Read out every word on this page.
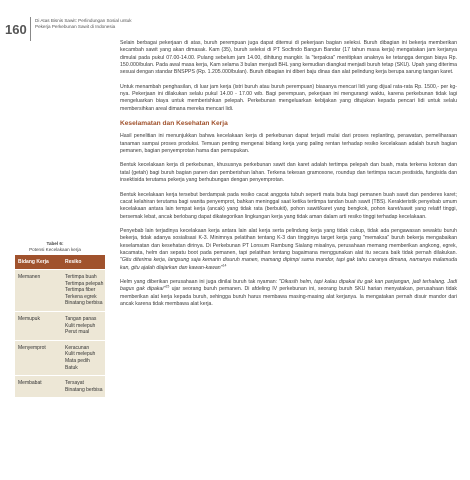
160
Di Atas Bisnis Sawit: Perlindungan Sosial untuk
Pekerja Perkebunan Sawit di Indonesia

Selain berbagai pekerjaan di atas, buruh perempuan juga dapat ditemui di pekerjaan bagian seleksi. Buruh dibagian ini bekerja memberikan kecambah sawit yang akan dimasak. Kam (35), buruh seleksi di PT Socfindo Bangun Bandar (17 tahun masa kerja) mengatakan jam kerjanya dimulai pada pukul 07.00-14.00. Pulang sebelum jam 14.00, dihitung mangkir. Ia "terpaksa" menitipkan anaknya ke tetangga dengan biaya Rp. 150.000/bulan. Pada awal masa kerja, Kam selama 3 bulan menjadi BHL yang kemudian diangkat menjadi buruh tetap (SKU). Upah yang diterima sesuai dengan standar BNSPPS (Rp. 1.205.000/bulan). Buruh dibagian ini diberi baju dinas dan alat pelindung kerja berupa sarung tangan karet.

Untuk menambah penghasilan, di luar jam kerja (istri buruh atau buruh perempuan) biasanya mencari lidi yang dijual rata-rata Rp. 1500,- per kg-nya. Pekerjaan ini dilakukan selalu pukul 14.00 - 17.00 wib. Bagi perempuan, pekerjaan ini mengurangi waktu, karena perkebunan tidak lagi mengeluarkan biaya untuk memberishkan pelepah. Perkebunan mengeluarkan kebijakan yang ditujukan kepada pencari lidi untuk selalu membersihkan areal dimana mereka mencari lidi.

Keselamatan dan Kesehatan Kerja

Hasil penelitian ini menunjukkan bahwa kecelakaan kerja di perkebunan dapat terjadi mulai dari proses replanting, perawatan, pemeliharaan tanaman sampai proses produksi. Temuan penting mengenai bidang kerja yang paling rentan terhadap resiko kecelakaan adalah buruh bagian pemanen, bagian penyemprotan hama dan pemupukan.

Bentuk kecelakaan kerja di perkebunan, khususnya perkebunan sawit dan karet adalah tertimpa pelepah dan buah, mata terkena kotoran dan tatal (getah) bagi buruh bagian panen dan pemberishan lahan. Terkena tekesan gramoxone, roundup dan tertimpa racun pestisida, fungisida dan insektisida terutama pekerja yang berhubungan dengan penyemprotan.

Bentuk kecelakaan kerja tersebut berdampak pada resiko cacat anggota tubuh seperti mata buta bagi pemanen buah sawit dan penderes karet; cacat kelahiran terutama bagi wanita penyemprot, bahkan meninggal saat ketika tertimpa tandan buah sawit (TBS). Kerakteristik penyebab umum kecelakaan antara lain tempat kerja (ancak) yang tidak rata (berbukit), pohon sawit/karet yang bengkok, pohon karet/sawit yang relatif tinggi, bersemak lebat, ancak berlobang dapat dikategorikan lingkungan kerja yang tidak aman dalam arti resiko tinggi terhadap kecelakaan.

Penyebab lain terjadinya kecelakaan kerja antara lain alat kerja serta pelindung kerja yang tidak cukup, tidak ada pengawasan sewaktu buruh bekerja, tidak adanya sosialisasi K-3. Minimnya pelatihan tentang K-3 dan tingginya target kerja yang "memaksa" buruh bekerja mengabaikan keselamatan dan kesehatan dirinya. Di Perkebunan PT Lonsum Rambung Sialang misalnya, perusahaan memang memberikan angkong, egrek, kacamata, helm dan sepatu boot pada pemanen, tapi pelatihan tentang bagaimana menggunakan alat itu secara baik tidak pernah dilakukan. "Gitu diterima kerja, langsung saja kemarin disuruh manen, mamang dipimpi sama mandor, tapi gak tahu caranya dimana, namanya malamuda kan, gitu ajalah diajarkan dan kawan-kawan"$^{14}$

Helm yang diberikan perusahaan ini juga dinilai buruh tak nyaman: "Dikasih helm, tapi kalau dipakai itu gak kan panjangan, jadi terhalang. Jadi bagus gak dipakai"$^{15}$ ujar seorang buruh pemanen. Di afdeling IV perkebunan ini, seorang buruh SKU harian menyatakan, perusahaan tidak memberikan alat kerja kepada buruh, sehingga buruh harus membawa masing-masing alat kerjanya. Ia mengatakan pernah disuir mandor dari ancak karena tidak membawa alat kerja.

Tabel 6:
Potensi Kecelakaan kerja
Bidang Kerja	Resiko
Memanen	Tertimpa buah
Tertimpa pelepah
Tertimpa fiber
Terkena egrek
Binatang berbisa
Memupuk	Tangan panas
Kulit melepuh
Perut mual
Menyemprot	Keracunan
Kulit melepuh
Mata pedih
Batuk
Membabat	Tersayat
Binatang berbisa
